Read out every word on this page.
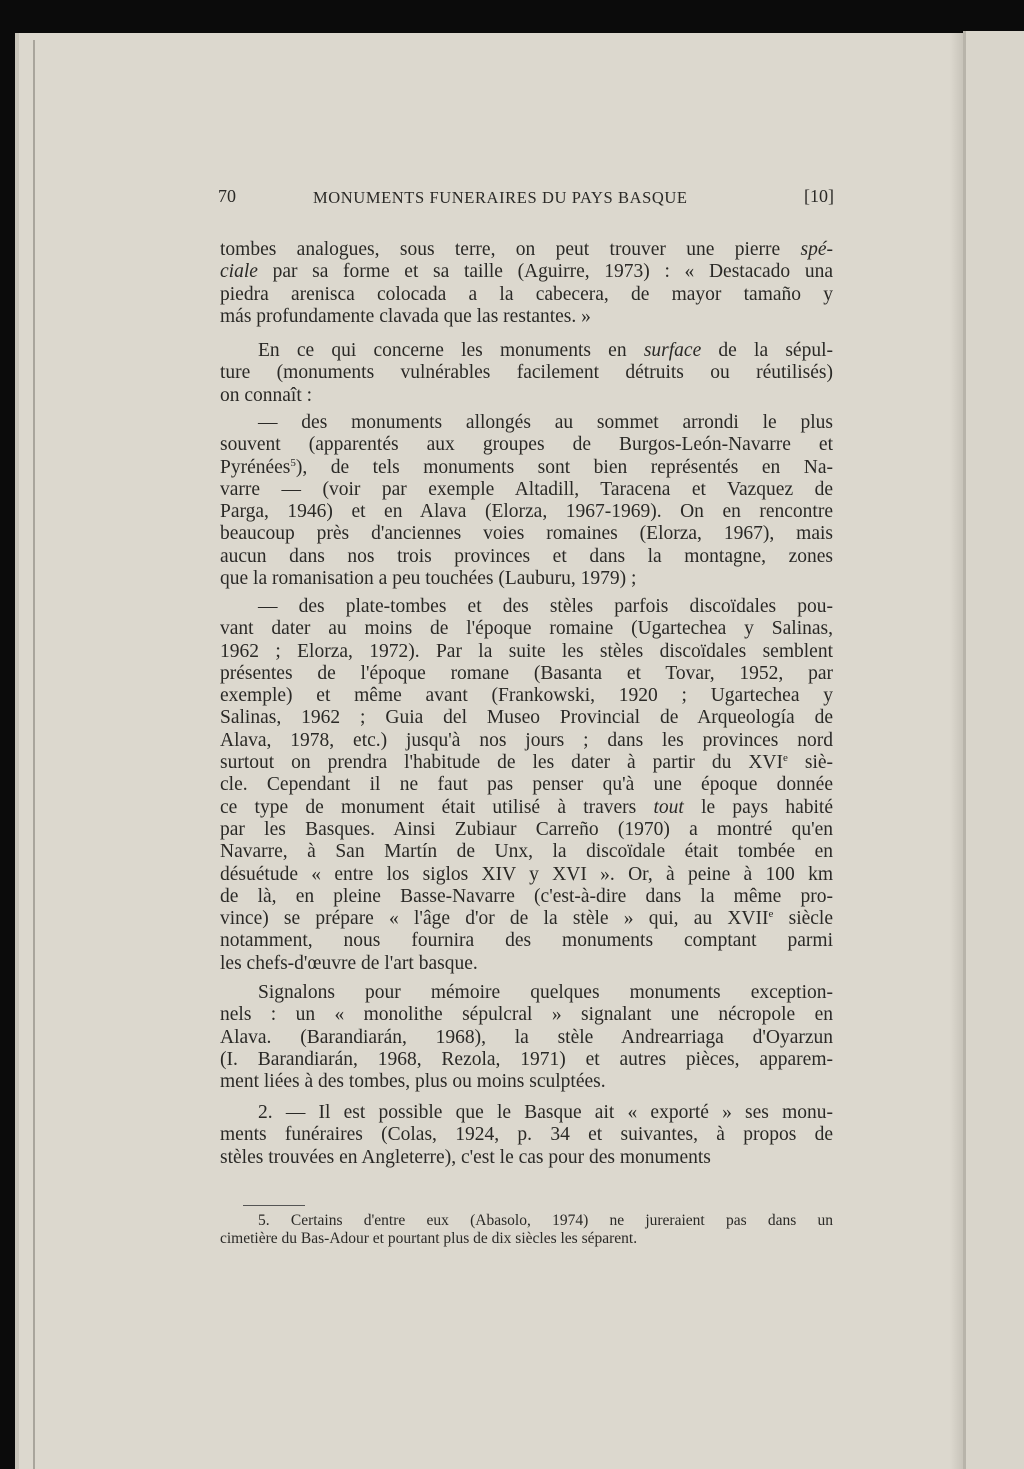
70	MONUMENTS FUNERAIRES DU PAYS BASQUE	[10]
tombes analogues, sous terre, on peut trouver une pierre spé-
ciale par sa forme et sa taille (Aguirre, 1973) : « Destacado una
piedra arenisca colocada a la cabecera, de mayor tamaño y
más profundamente clavada que las restantes. »
En ce qui concerne les monuments en surface de la sépul-
ture (monuments vulnérables facilement détruits ou réutilisés)
on connaît :
— des monuments allongés au sommet arrondi le plus
souvent (apparentés aux groupes de Burgos-León-Navarre et
Pyrénées$^5$), de tels monuments sont bien représentés en Na-
varre — (voir par exemple Altadill, Taracena et Vazquez de
Parga, 1946) et en Alava (Elorza, 1967-1969). On en rencontre
beaucoup près d'anciennes voies romaines (Elorza, 1967), mais
aucun dans nos trois provinces et dans la montagne, zones
que la romanisation a peu touchées (Lauburu, 1979) ;
— des plate-tombes et des stèles parfois discoïdales pou-
vant dater au moins de l'époque romaine (Ugartechea y Salinas,
1962 ; Elorza, 1972). Par la suite les stèles discoïdales semblent
présentes de l'époque romane (Basanta et Tovar, 1952, par
exemple) et même avant (Frankowski, 1920 ; Ugartechea y
Salinas, 1962 ; Guia del Museo Provincial de Arqueología de
Alava, 1978, etc.) jusqu'à nos jours ; dans les provinces nord
surtout on prendra l'habitude de les dater à partir du XVIe siè-
cle. Cependant il ne faut pas penser qu'à une époque donnée
ce type de monument était utilisé à travers tout le pays habité
par les Basques. Ainsi Zubiaur Carreño (1970) a montré qu'en
Navarre, à San Martín de Unx, la discoïdale était tombée en
désuétude « entre los siglos XIV y XVI ». Or, à peine à 100 km
de là, en pleine Basse-Navarre (c'est-à-dire dans la même pro-
vince) se prépare « l'âge d'or de la stèle » qui, au XVIIe siècle
notamment, nous fournira des monuments comptant parmi
les chefs-d'œuvre de l'art basque.
Signalons pour mémoire quelques monuments exception-
nels : un « monolithe sépulcral » signalant une nécropole en
Alava. (Barandiarán, 1968), la stèle Andrearriaga d'Oyarzun
(I. Barandiarán, 1968, Rezola, 1971) et autres pièces, apparem-
ment liées à des tombes, plus ou moins sculptées.
2. — Il est possible que le Basque ait « exporté » ses monu-
ments funéraires (Colas, 1924, p. 34 et suivantes, à propos de
stèles trouvées en Angleterre), c'est le cas pour des monuments
5. Certains d'entre eux (Abasolo, 1974) ne jureraient pas dans un
cimetière du Bas-Adour et pourtant plus de dix siècles les séparent.
